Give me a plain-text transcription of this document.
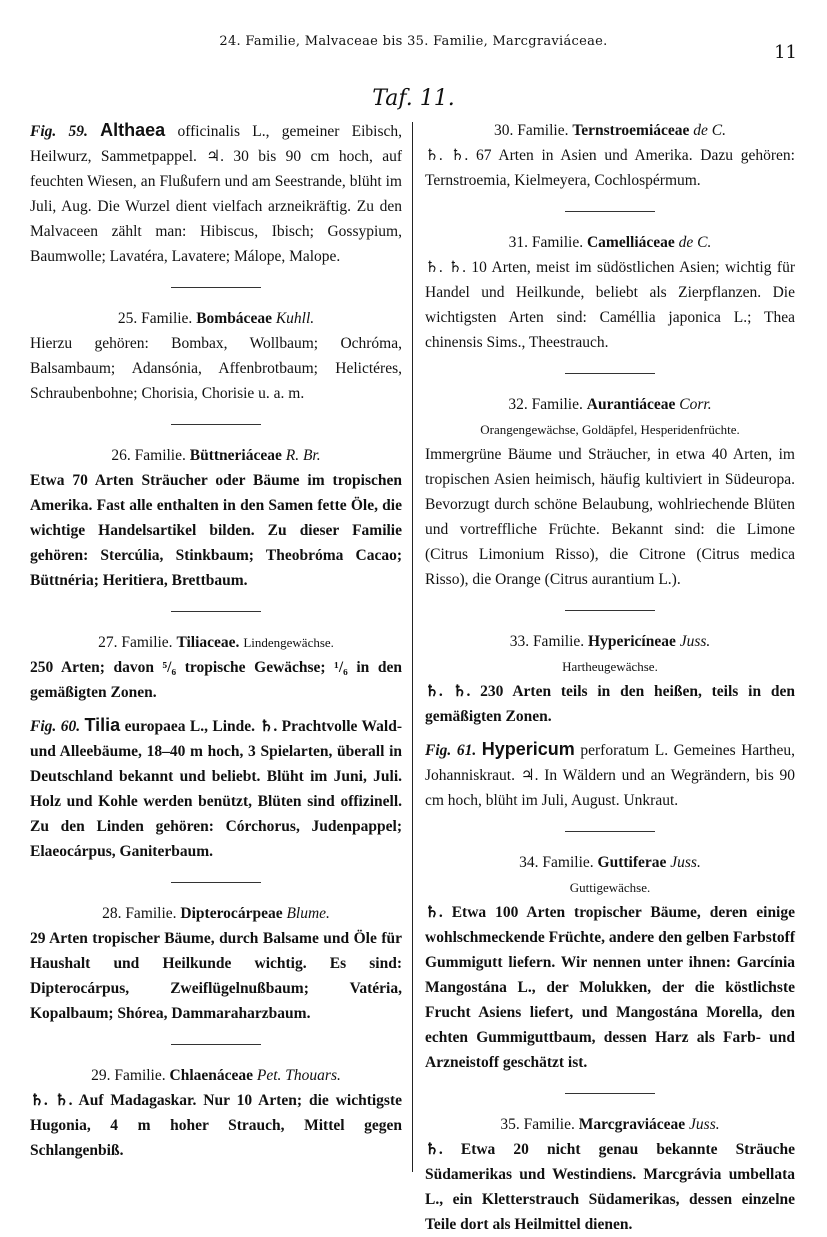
24. Familie, Malvaceae bis 35. Familie, Marcgraviáceae.
11
Taf. 11.

Fig. 59. Althaea officinalis L., gemeiner Eibisch, Heilwurz, Sammetpappel. ♃. 30 bis 90 cm hoch, auf feuchten Wiesen, an Flußufern und am Seestrande, blüht im Juli, Aug. Die Wurzel dient vielfach arzneikräftig. Zu den Malvaceen zählt man: Hibiscus, Ibisch; Gossypium, Baumwolle; Lavatéra, Lavatere; Málope, Malope.

25. Familie. Bombáceae Kuhll.

Hierzu gehören: Bombax, Wollbaum; Ochróma, Balsambaum; Adansónia, Affenbrotbaum; Helictéres, Schraubenbohne; Chorisia, Chorisie u. a. m.

26. Familie. Büttneriáceae R. Br.

Etwa 70 Arten Sträucher oder Bäume im tropischen Amerika. Fast alle enthalten in den Samen fette Öle, die wichtige Handelsartikel bilden. Zu dieser Familie gehören: Stercúlia, Stinkbaum; Theobróma Cacao; Büttnéria; Heritiera, Brettbaum.

27. Familie. Tiliaceae. Lindengewächse.

250 Arten; davon ⁵/₆ tropische Gewächse; ¹/₆ in den gemäßigten Zonen.

Fig. 60. Tilia europaea L., Linde. ♄. Prachtvolle Wald- und Alleebäume, 18–40 m hoch, 3 Spielarten, überall in Deutschland bekannt und beliebt. Blüht im Juni, Juli. Holz und Kohle werden benützt, Blüten sind offizinell. Zu den Linden gehören: Córchorus, Judenpappel; Elaeocárpus, Ganiterbaum.

28. Familie. Dipterocárpeae Blume.

29 Arten tropischer Bäume, durch Balsame und Öle für Haushalt und Heilkunde wichtig. Es sind: Dipterocárpus, Zweiflügelnußbaum; Vatéria, Kopalbaum; Shórea, Dammaraharzbaum.

29. Familie. Chlaenáceae Pet. Thouars.

♄. ♄. Auf Madagaskar. Nur 10 Arten; die wichtigste Hugonia, 4 m hoher Strauch, Mittel gegen Schlangenbiß.

30. Familie. Ternstroemiáceae de C.

♄. ♄. 67 Arten in Asien und Amerika. Dazu gehören: Ternstroemia, Kielmeyera, Cochlospérmum.

31. Familie. Camelliáceae de C.

♄. ♄. 10 Arten, meist im südöstlichen Asien; wichtig für Handel und Heilkunde, beliebt als Zierpflanzen. Die wichtigsten Arten sind: Caméllia japonica L.; Thea chinensis Sims., Theestrauch.

32. Familie. Aurantiáceae Corr.

Orangengewächse, Goldäpfel, Hesperidenfrüchte.

Immergrüne Bäume und Sträucher, in etwa 40 Arten, im tropischen Asien heimisch, häufig kultiviert in Südeuropa. Bevorzugt durch schöne Belaubung, wohlriechende Blüten und vortreffliche Früchte. Bekannt sind: die Limone (Citrus Limonium Risso), die Citrone (Citrus medica Risso), die Orange (Citrus aurantium L.).

33. Familie. Hypericíneae Juss.

Hartheugewächse.

♄. ♄. 230 Arten teils in den heißen, teils in den gemäßigten Zonen.

Fig. 61. Hypericum perforatum L. Gemeines Hartheu, Johanniskraut. ♃. In Wäldern und an Wegrändern, bis 90 cm hoch, blüht im Juli, August. Unkraut.

34. Familie. Guttiferae Juss.

Guttigewächse.

♄. Etwa 100 Arten tropischer Bäume, deren einige wohlschmeckende Früchte, andere den gelben Farbstoff Gummigutt liefern. Wir nennen unter ihnen: Garcínia Mangostána L., der Molukken, der die köstlichste Frucht Asiens liefert, und Mangostána Morella, den echten Gummiguttbaum, dessen Harz als Farb- und Arzneistoff geschätzt ist.

35. Familie. Marcgraviáceae Juss.

♄. Etwa 20 nicht genau bekannte Sträuche Südamerikas und Westindiens. Marcgrávia umbellata L., ein Kletterstrauch Südamerikas, dessen einzelne Teile dort als Heilmittel dienen.
